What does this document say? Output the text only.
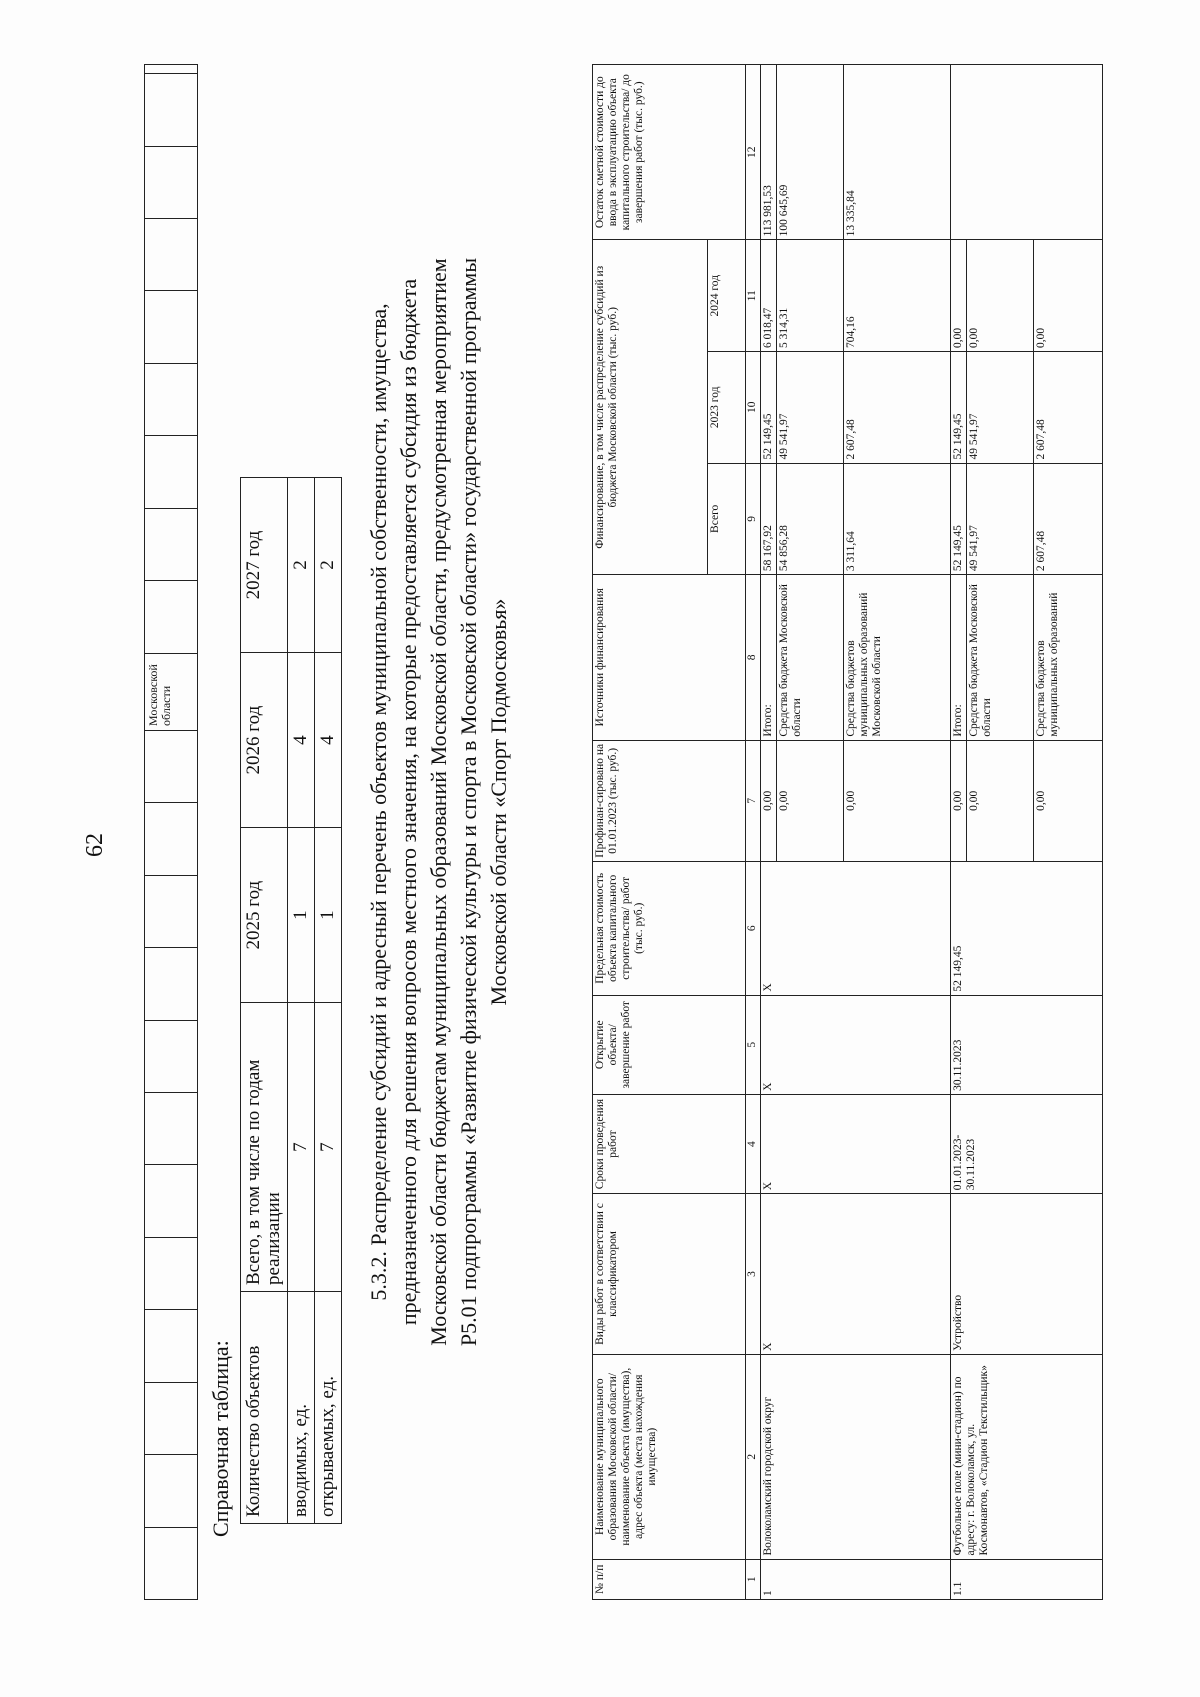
62
												Московской области									
Справочная таблица: Количество объектов	Всего, в том числе по годам реализации	2025 год	2026 год	2027 год
вводимых, ед.	7	1	4	2
открываемых, ед.	7	1	4	2 5.3.2. Распределение субсидий и адресный перечень объектов муниципальной собственности, имущества, предназначенного для решения вопросов местного значения, на которые предоставляется субсидия из бюджета Московской области бюджетам муниципальных образований Московской области, предусмотренная мероприятием P5.01 подпрограммы «Развитие физической культуры и спорта в Московской области» государственной программы Московской области «Спорт Подмосковья»
№ п/п	Наименование муниципального образования Московской области/ наименование объекта (имущества), адрес объекта (места нахождения имущества)	Виды работ в соответствии с классификатором	Сроки проведения работ	Открытие объекта/ завершение работ	Предельная стоимость объекта капитального строительства/ работ (тыс. руб.)	Профинан-сировано на 01.01.2023 (тыс. руб.)	Источники финансирования	Финансирование, в том числе распределение субсидий из бюджета Московской области (тыс. руб.)			Остаток сметной стоимости до ввода в эксплуатацию объекта капитального строительства/ до завершения работ (тыс. руб.)
								Всего	2023 год	2024 год	
1	2	3	4	5	6	7	8	9	10	11	12
1	Волоколамский городской округ	X	X	X	X	0,00	Итого:	58 167,92	52 149,45	6 018,47	113 981,53
						0,00	Средства бюджета Московской области	54 856,28	49 541,97	5 314,31	100 645,69
						0,00	Средства бюджетов муниципальных образований Московской области	3 311,64	2 607,48	704,16	13 335,84
1.1	Футбольное поле (мини-стадион) по адресу: г. Волоколамск, ул. Космонавтов, «Стадион Текстильщик»	Устройство	01.01.2023-30.11.2023	30.11.2023	52 149,45	0,00	Итого:	52 149,45	52 149,45	0,00	
						0,00	Средства бюджета Московской области	49 541,97	49 541,97	0,00	
						0,00	Средства бюджетов муниципальных образований	2 607,48	2 607,48	0,00	
